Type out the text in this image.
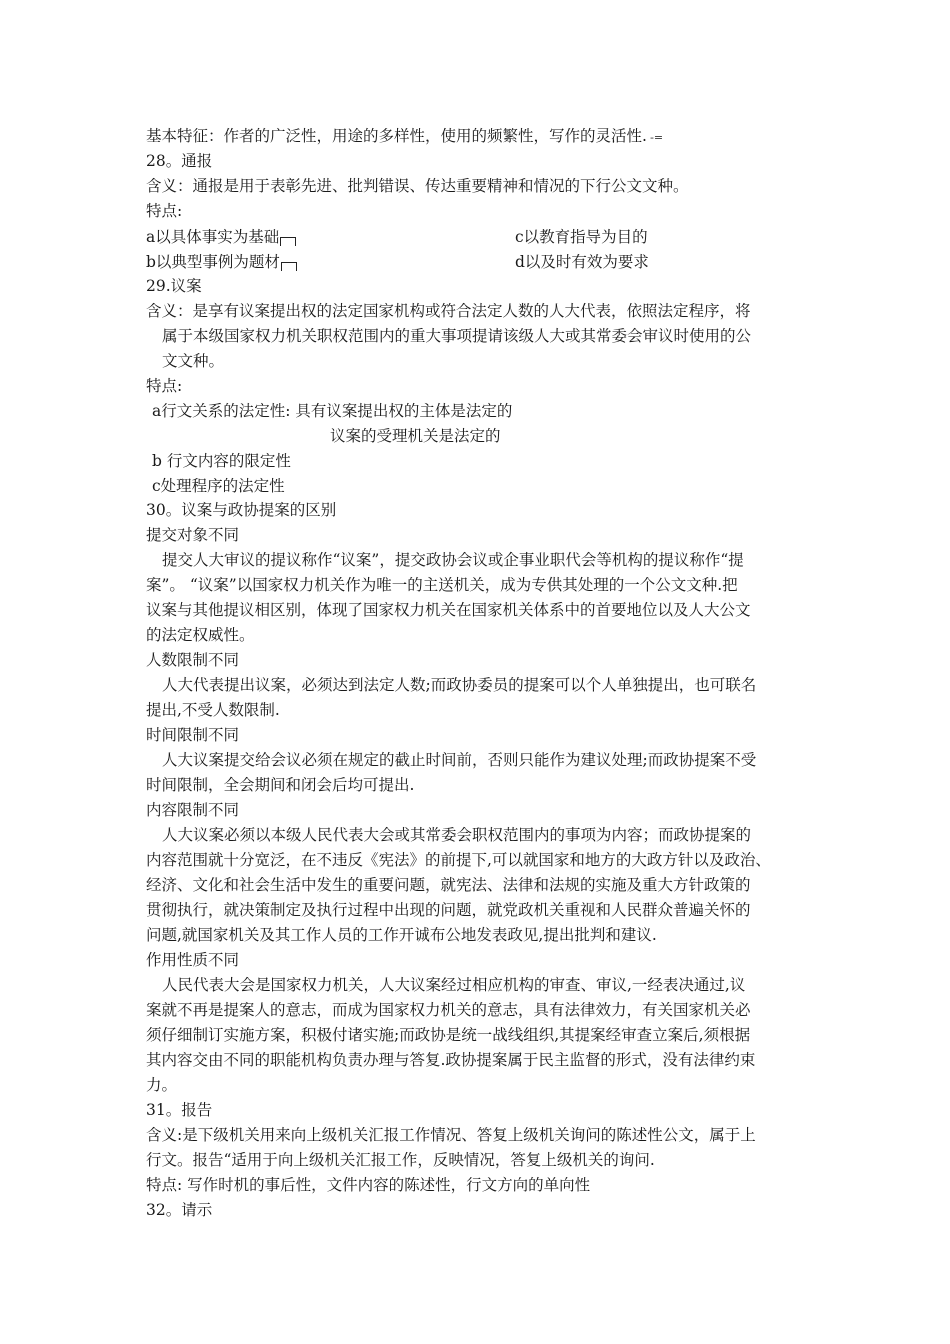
基本特征：作者的广泛性，用途的多样性，使用的频繁性，写作的灵活性. -=
28。通报
含义：通报是用于表彰先进、批判错误、传达重要精神和情况的下行公文文种。
特点:
a以具体事实为基础	c以教育指导为目的
b以典型事例为题材	d以及时有效为要求
29.议案
含义：是享有议案提出权的法定国家机构或符合法定人数的人大代表，依照法定程序，将
属于本级国家权力机关职权范围内的重大事项提请该级人大或其常委会审议时使用的公
文文种。
特点:
a行文关系的法定性: 具有议案提出权的主体是法定的
议案的受理机关是法定的
b 行文内容的限定性
c处理程序的法定性
30。议案与政协提案的区别
提交对象不同
提交人大审议的提议称作“议案”，提交政协会议或企事业职代会等机构的提议称作“提
案”。 “议案”以国家权力机关作为唯一的主送机关，成为专供其处理的一个公文文种.把
议案与其他提议相区别，体现了国家权力机关在国家机关体系中的首要地位以及人大公文
的法定权威性。
人数限制不同
人大代表提出议案，必须达到法定人数;而政协委员的提案可以个人单独提出，也可联名
提出,不受人数限制.
时间限制不同
人大议案提交给会议必须在规定的截止时间前，否则只能作为建议处理;而政协提案不受
时间限制，全会期间和闭会后均可提出.
内容限制不同
人大议案必须以本级人民代表大会或其常委会职权范围内的事项为内容；而政协提案的
内容范围就十分宽泛，在不违反《宪法》的前提下,可以就国家和地方的大政方针以及政治、
经济、文化和社会生活中发生的重要问题，就宪法、法律和法规的实施及重大方针政策的
贯彻执行，就决策制定及执行过程中出现的问题，就党政机关重视和人民群众普遍关怀的
问题,就国家机关及其工作人员的工作开诚布公地发表政见,提出批判和建议.
作用性质不同
人民代表大会是国家权力机关，人大议案经过相应机构的审查、审议,一经表决通过,议
案就不再是提案人的意志，而成为国家权力机关的意志，具有法律效力，有关国家机关必
须仔细制订实施方案，积极付诸实施;而政协是统一战线组织,其提案经审查立案后,须根据
其内容交由不同的职能机构负责办理与答复.政协提案属于民主监督的形式，没有法律约束
力。
31。报告
含义:是下级机关用来向上级机关汇报工作情况、答复上级机关询问的陈述性公文，属于上
行文。报告“适用于向上级机关汇报工作，反映情况，答复上级机关的询问.
特点: 写作时机的事后性，文件内容的陈述性，行文方向的单向性
32。请示
